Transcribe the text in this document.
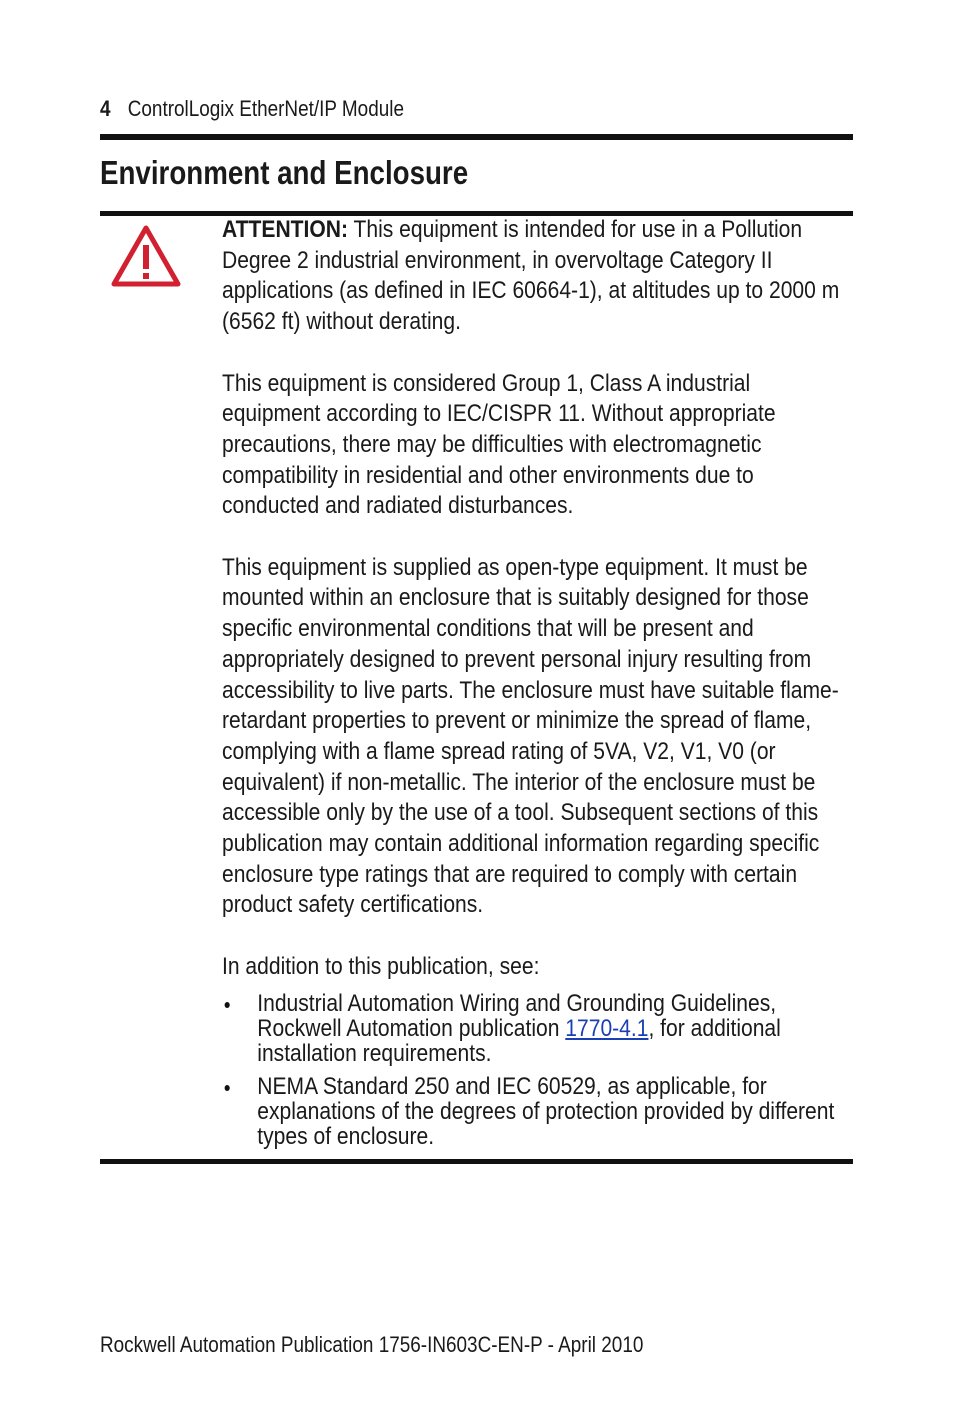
4 ControlLogix EtherNet/IP Module
Environment and Enclosure

ATTENTION: This equipment is intended for use in a Pollution Degree 2 industrial environment, in overvoltage Category II applications (as defined in IEC 60664-1), at altitudes up to 2000 m (6562 ft) without derating.

This equipment is considered Group 1, Class A industrial equipment according to IEC/CISPR 11. Without appropriate precautions, there may be difficulties with electromagnetic compatibility in residential and other environments due to conducted and radiated disturbances.

This equipment is supplied as open-type equipment. It must be mounted within an enclosure that is suitably designed for those specific environmental conditions that will be present and appropriately designed to prevent personal injury resulting from accessibility to live parts. The enclosure must have suitable flame-retardant properties to prevent or minimize the spread of flame, complying with a flame spread rating of 5VA, V2, V1, V0 (or equivalent) if non-metallic. The interior of the enclosure must be accessible only by the use of a tool. Subsequent sections of this publication may contain additional information regarding specific enclosure type ratings that are required to comply with certain product safety certifications.

In addition to this publication, see:

Industrial Automation Wiring and Grounding Guidelines, Rockwell Automation publication 1770-4.1, for additional installation requirements.
NEMA Standard 250 and IEC 60529, as applicable, for explanations of the degrees of protection provided by different types of enclosure.
Rockwell Automation Publication 1756-IN603C-EN-P - April 2010
